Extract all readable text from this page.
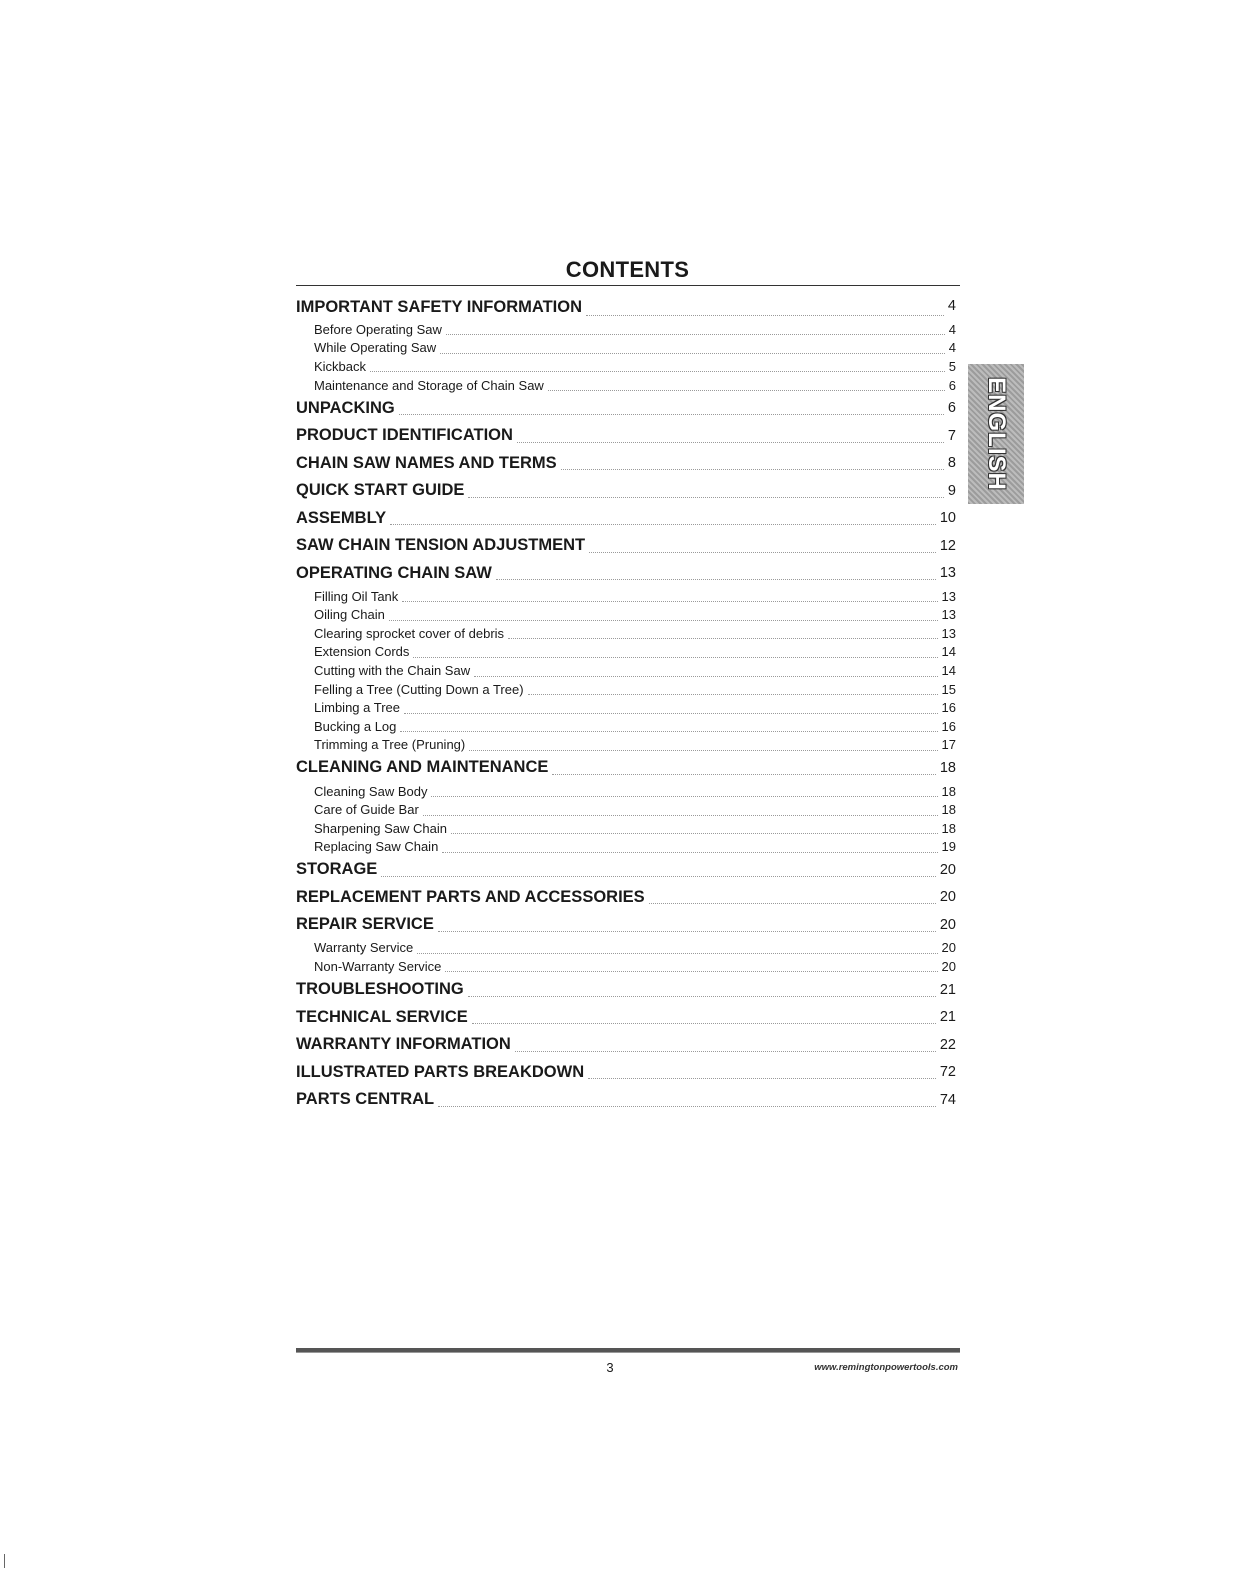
CONTENTS
IMPORTANT SAFETY INFORMATION	4
Before Operating Saw	4
While Operating Saw	4
Kickback	5
Maintenance and Storage of Chain Saw	6
UNPACKING	6
PRODUCT IDENTIFICATION	7
CHAIN SAW NAMES AND TERMS	8
QUICK START GUIDE	9
ASSEMBLY	10
SAW CHAIN TENSION ADJUSTMENT	12
OPERATING CHAIN SAW	13
Filling Oil Tank	13
Oiling Chain	13
Clearing sprocket cover of debris	13
Extension Cords	14
Cutting with the Chain Saw	14
Felling a Tree (Cutting Down a Tree)	15
Limbing a Tree	16
Bucking a Log	16
Trimming a Tree (Pruning)	17
CLEANING AND MAINTENANCE	18
Cleaning Saw Body	18
Care of Guide Bar	18
Sharpening Saw Chain	18
Replacing Saw Chain	19
STORAGE	20
REPLACEMENT PARTS AND ACCESSORIES	20
REPAIR SERVICE	20
Warranty Service	20
Non-Warranty Service	20
TROUBLESHOOTING	21
TECHNICAL SERVICE	21
WARRANTY INFORMATION	22
ILLUSTRATED PARTS BREAKDOWN	72
PARTS CENTRAL	74
ENGLISH
3	www.remingtonpowertools.com
